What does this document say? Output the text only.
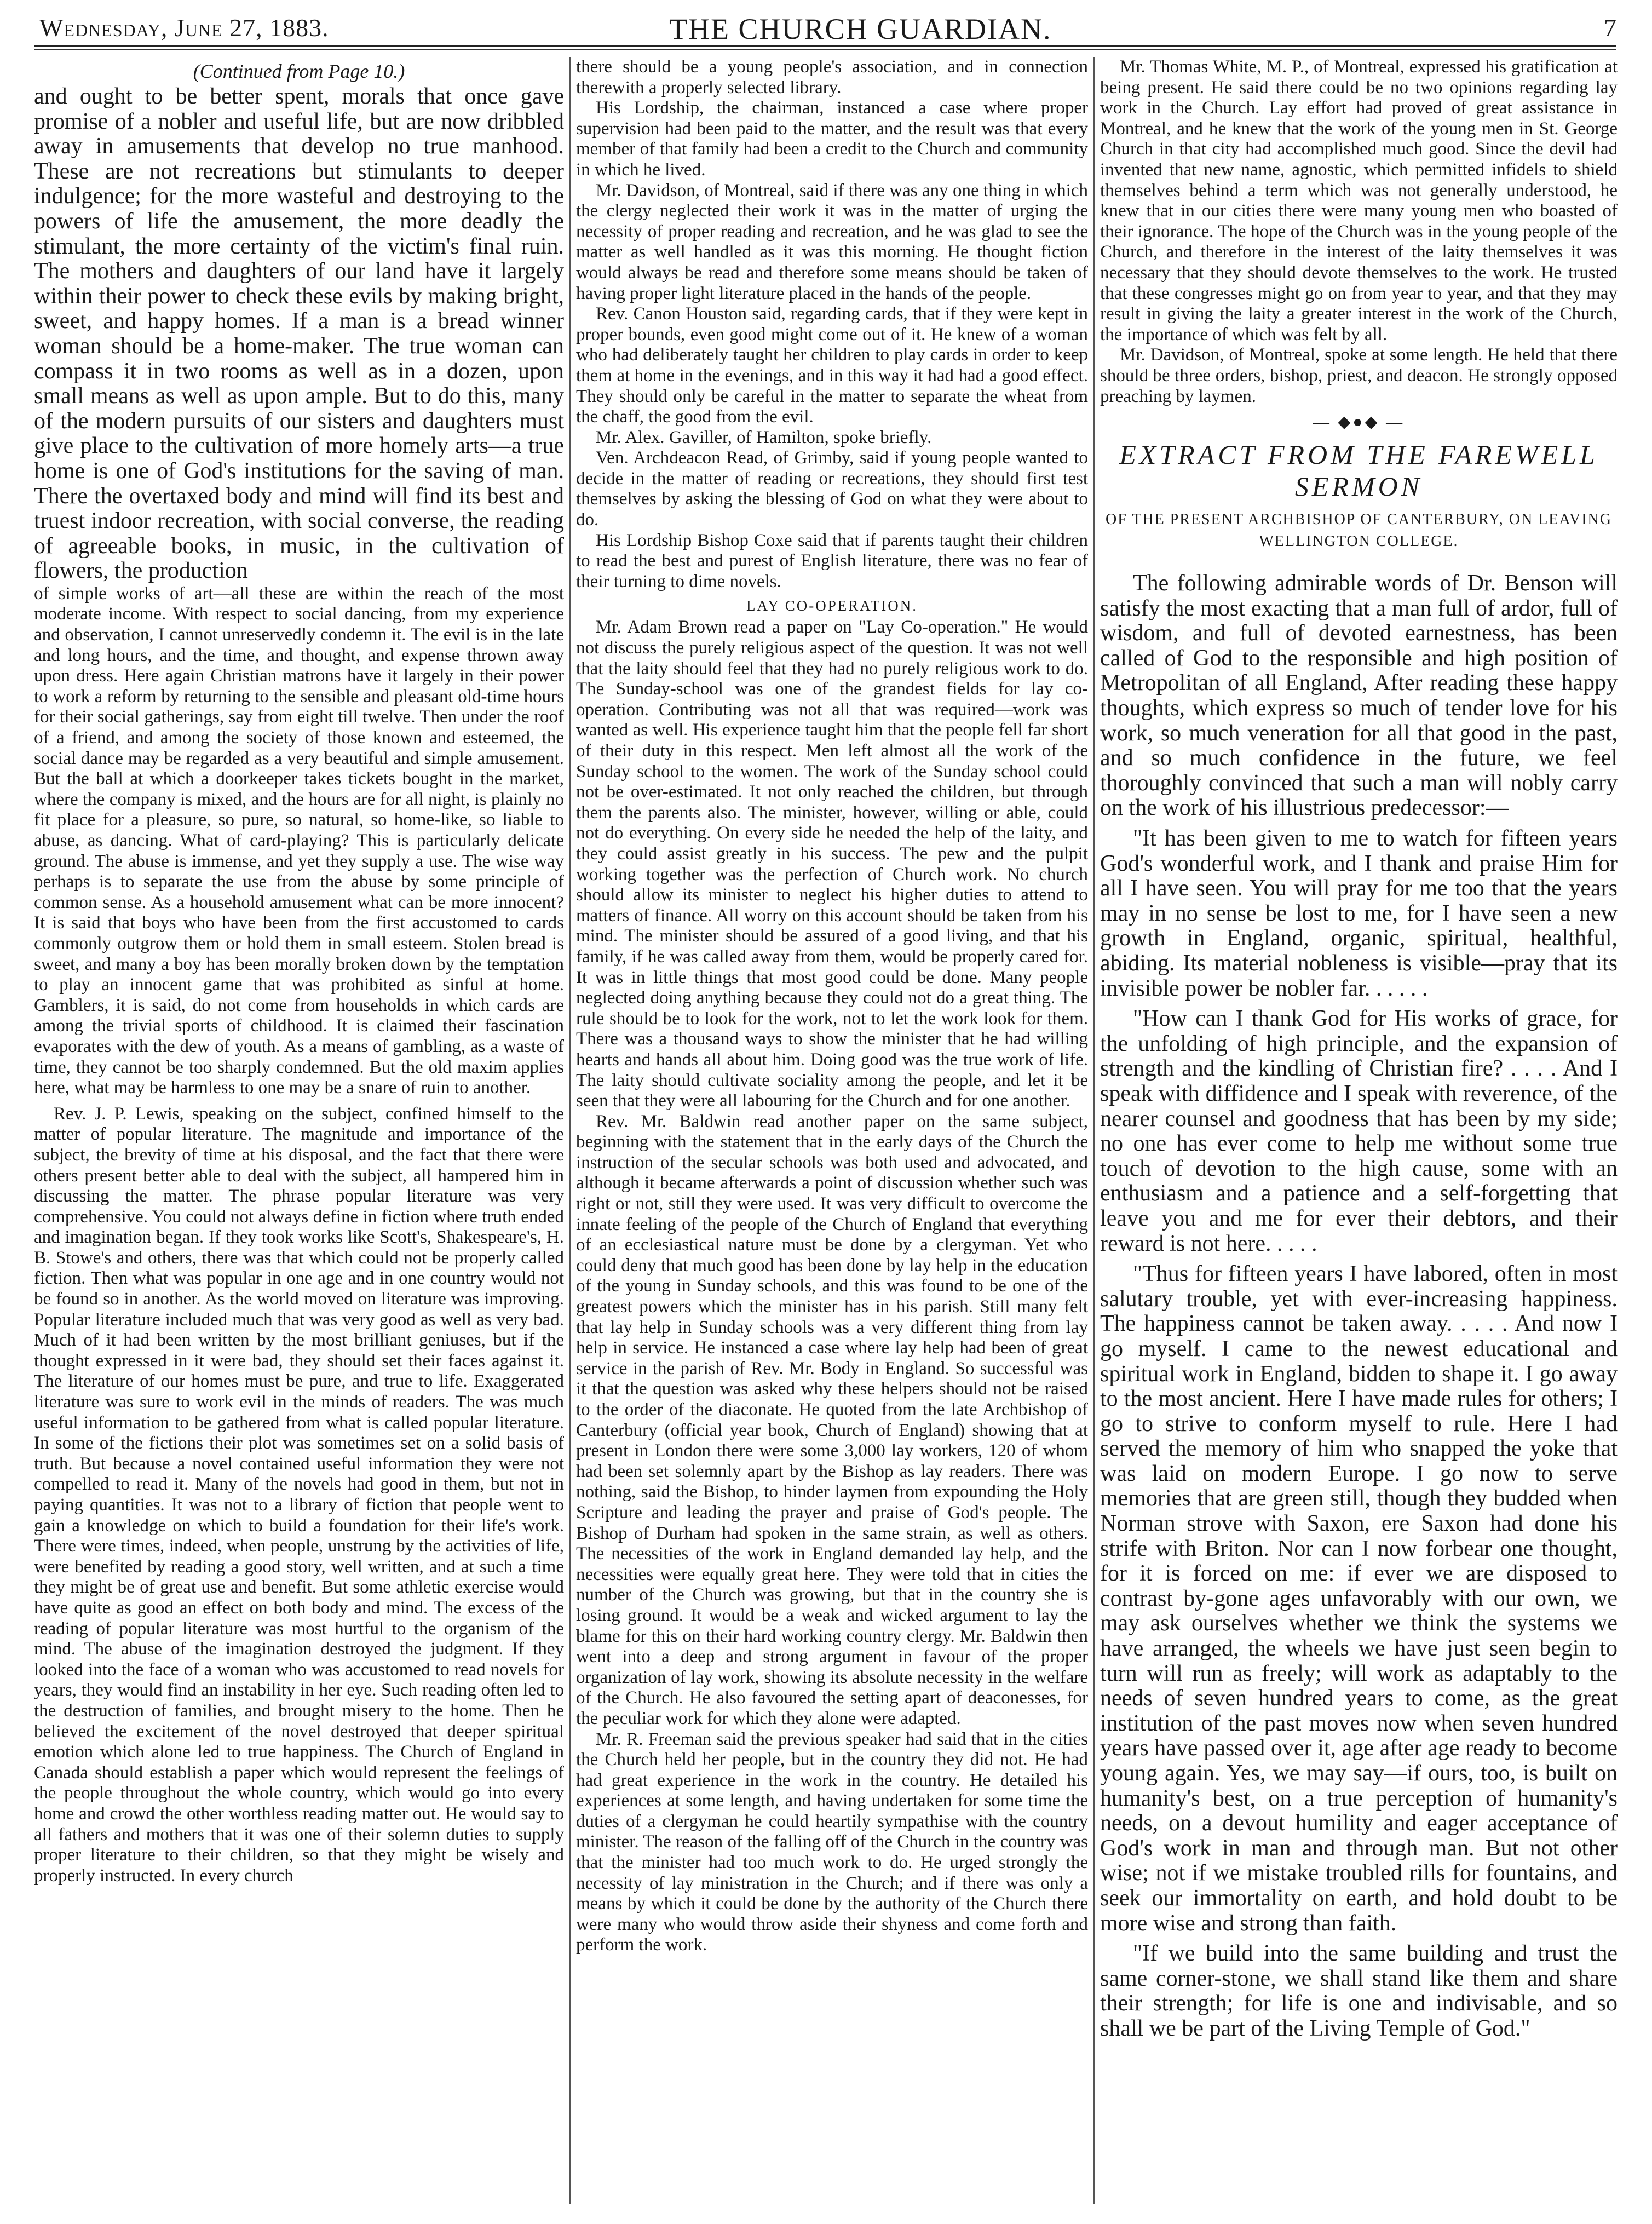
Wednesday, June 27, 1883.	THE CHURCH GUARDIAN.	7

(Continued from Page 10.)

and ought to be better spent, morals that once gave promise of a nobler and useful life, but are now dribbled away in amusements that develop no true manhood. These are not recreations but stimulants to deeper indulgence; for the more wasteful and destroying to the powers of life the amusement, the more deadly the stimulant, the more certainty of the victim's final ruin. The mothers and daughters of our land have it largely within their power to check these evils by making bright, sweet, and happy homes. If a man is a bread winner woman should be a home-maker. The true woman can compass it in two rooms as well as in a dozen, upon small means as well as upon ample. But to do this, many of the modern pursuits of our sisters and daughters must give place to the cultivation of more homely arts—a true home is one of God's institutions for the saving of man. There the overtaxed body and mind will find its best and truest indoor recreation, with social converse, the reading of agreeable books, in music, in the cultivation of flowers, the production

of simple works of art—all these are within the reach of the most moderate income. With respect to social dancing, from my experience and observation, I cannot unreservedly condemn it. The evil is in the late and long hours, and the time, and thought, and expense thrown away upon dress. Here again Christian matrons have it largely in their power to work a reform by returning to the sensible and pleasant old-time hours for their social gatherings, say from eight till twelve. Then under the roof of a friend, and among the society of those known and esteemed, the social dance may be regarded as a very beautiful and simple amusement. But the ball at which a doorkeeper takes tickets bought in the market, where the company is mixed, and the hours are for all night, is plainly no fit place for a pleasure, so pure, so natural, so home-like, so liable to abuse, as dancing. What of card-playing? This is particularly delicate ground. The abuse is immense, and yet they supply a use. The wise way perhaps is to separate the use from the abuse by some principle of common sense. As a household amusement what can be more innocent? It is said that boys who have been from the first accustomed to cards commonly outgrow them or hold them in small esteem. Stolen bread is sweet, and many a boy has been morally broken down by the temptation to play an innocent game that was prohibited as sinful at home. Gamblers, it is said, do not come from households in which cards are among the trivial sports of childhood. It is claimed their fascination evaporates with the dew of youth. As a means of gambling, as a waste of time, they cannot be too sharply condemned. But the old maxim applies here, what may be harmless to one may be a snare of ruin to another.

Rev. J. P. Lewis, speaking on the subject, confined himself to the matter of popular literature. The magnitude and importance of the subject, the brevity of time at his disposal, and the fact that there were others present better able to deal with the subject, all hampered him in discussing the matter. The phrase popular literature was very comprehensive. You could not always define in fiction where truth ended and imagination began. If they took works like Scott's, Shakespeare's, H. B. Stowe's and others, there was that which could not be properly called fiction. Then what was popular in one age and in one country would not be found so in another. As the world moved on literature was improving. Popular literature included much that was very good as well as very bad. Much of it had been written by the most brilliant geniuses, but if the thought expressed in it were bad, they should set their faces against it. The literature of our homes must be pure, and true to life. Exaggerated literature was sure to work evil in the minds of readers. The was much useful information to be gathered from what is called popular literature. In some of the fictions their plot was sometimes set on a solid basis of truth. But because a novel contained useful information they were not compelled to read it. Many of the novels had good in them, but not in paying quantities. It was not to a library of fiction that people went to gain a knowledge on which to build a foundation for their life's work. There were times, indeed, when people, unstrung by the activities of life, were benefited by reading a good story, well written, and at such a time they might be of great use and benefit. But some athletic exercise would have quite as good an effect on both body and mind. The excess of the reading of popular literature was most hurtful to the organism of the mind. The abuse of the imagination destroyed the judgment. If they looked into the face of a woman who was accustomed to read novels for years, they would find an instability in her eye. Such reading often led to the destruction of families, and brought misery to the home. Then he believed the excitement of the novel destroyed that deeper spiritual emotion which alone led to true happiness. The Church of England in Canada should establish a paper which would represent the feelings of the people throughout the whole country, which would go into every home and crowd the other worthless reading matter out. He would say to all fathers and mothers that it was one of their solemn duties to supply proper literature to their children, so that they might be wisely and properly instructed. In every church

there should be a young people's association, and in connection therewith a properly selected library.

His Lordship, the chairman, instanced a case where proper supervision had been paid to the matter, and the result was that every member of that family had been a credit to the Church and community in which he lived.

Mr. Davidson, of Montreal, said if there was any one thing in which the clergy neglected their work it was in the matter of urging the necessity of proper reading and recreation, and he was glad to see the matter as well handled as it was this morning. He thought fiction would always be read and therefore some means should be taken of having proper light literature placed in the hands of the people.

Rev. Canon Houston said, regarding cards, that if they were kept in proper bounds, even good might come out of it. He knew of a woman who had deliberately taught her children to play cards in order to keep them at home in the evenings, and in this way it had had a good effect. They should only be careful in the matter to separate the wheat from the chaff, the good from the evil.

Mr. Alex. Gaviller, of Hamilton, spoke briefly.

Ven. Archdeacon Read, of Grimby, said if young people wanted to decide in the matter of reading or recreations, they should first test themselves by asking the blessing of God on what they were about to do.

His Lordship Bishop Coxe said that if parents taught their children to read the best and purest of English literature, there was no fear of their turning to dime novels.

LAY CO-OPERATION.

Mr. Adam Brown read a paper on "Lay Co-operation." He would not discuss the purely religious aspect of the question. It was not well that the laity should feel that they had no purely religious work to do. The Sunday-school was one of the grandest fields for lay co-operation. Contributing was not all that was required—work was wanted as well. His experience taught him that the people fell far short of their duty in this respect. Men left almost all the work of the Sunday school to the women. The work of the Sunday school could not be over-estimated. It not only reached the children, but through them the parents also. The minister, however, willing or able, could not do everything. On every side he needed the help of the laity, and they could assist greatly in his success. The pew and the pulpit working together was the perfection of Church work. No church should allow its minister to neglect his higher duties to attend to matters of finance. All worry on this account should be taken from his mind. The minister should be assured of a good living, and that his family, if he was called away from them, would be properly cared for. It was in little things that most good could be done. Many people neglected doing anything because they could not do a great thing. The rule should be to look for the work, not to let the work look for them. There was a thousand ways to show the minister that he had willing hearts and hands all about him. Doing good was the true work of life. The laity should cultivate sociality among the people, and let it be seen that they were all labouring for the Church and for one another.

Rev. Mr. Baldwin read another paper on the same subject, beginning with the statement that in the early days of the Church the instruction of the secular schools was both used and advocated, and although it became afterwards a point of discussion whether such was right or not, still they were used. It was very difficult to overcome the innate feeling of the people of the Church of England that everything of an ecclesiastical nature must be done by a clergyman. Yet who could deny that much good has been done by lay help in the education of the young in Sunday schools, and this was found to be one of the greatest powers which the minister has in his parish. Still many felt that lay help in Sunday schools was a very different thing from lay help in service. He instanced a case where lay help had been of great service in the parish of Rev. Mr. Body in England. So successful was it that the question was asked why these helpers should not be raised to the order of the diaconate. He quoted from the late Archbishop of Canterbury (official year book, Church of England) showing that at present in London there were some 3,000 lay workers, 120 of whom had been set solemnly apart by the Bishop as lay readers. There was nothing, said the Bishop, to hinder laymen from expounding the Holy Scripture and leading the prayer and praise of God's people. The Bishop of Durham had spoken in the same strain, as well as others. The necessities of the work in England demanded lay help, and the necessities were equally great here. They were told that in cities the number of the Church was growing, but that in the country she is losing ground. It would be a weak and wicked argument to lay the blame for this on their hard working country clergy. Mr. Baldwin then went into a deep and strong argument in favour of the proper organization of lay work, showing its absolute necessity in the welfare of the Church. He also favoured the setting apart of deaconesses, for the peculiar work for which they alone were adapted.

Mr. R. Freeman said the previous speaker had said that in the cities the Church held her people, but in the country they did not. He had had great experience in the work in the country. He detailed his experiences at some length, and having undertaken for some time the duties of a clergyman he could heartily sympathise with the country minister. The reason of the falling off of the Church in the country was that the minister had too much work to do. He urged strongly the necessity of lay ministration in the Church; and if there was only a means by which it could be done by the authority of the Church there were many who would throw aside their shyness and come forth and perform the work.

Mr. Thomas White, M. P., of Montreal, expressed his gratification at being present. He said there could be no two opinions regarding lay work in the Church. Lay effort had proved of great assistance in Montreal, and he knew that the work of the young men in St. George Church in that city had accomplished much good. Since the devil had invented that new name, agnostic, which permitted infidels to shield themselves behind a term which was not generally understood, he knew that in our cities there were many young men who boasted of their ignorance. The hope of the Church was in the young people of the Church, and therefore in the interest of the laity themselves it was necessary that they should devote themselves to the work. He trusted that these congresses might go on from year to year, and that they may result in giving the laity a greater interest in the work of the Church, the importance of which was felt by all.

Mr. Davidson, of Montreal, spoke at some length. He held that there should be three orders, bishop, priest, and deacon. He strongly opposed preaching by laymen.

— ◆●◆ —

EXTRACT FROM THE FAREWELL SERMON

OF THE PRESENT ARCHBISHOP OF CANTERBURY, ON LEAVING WELLINGTON COLLEGE.

The following admirable words of Dr. Benson will satisfy the most exacting that a man full of ardor, full of wisdom, and full of devoted earnestness, has been called of God to the responsible and high position of Metropolitan of all England, After reading these happy thoughts, which express so much of tender love for his work, so much veneration for all that good in the past, and so much confidence in the future, we feel thoroughly convinced that such a man will nobly carry on the work of his illustrious predecessor:—

"It has been given to me to watch for fifteen years God's wonderful work, and I thank and praise Him for all I have seen. You will pray for me too that the years may in no sense be lost to me, for I have seen a new growth in England, organic, spiritual, healthful, abiding. Its material nobleness is visible—pray that its invisible power be nobler far. . . . . .

"How can I thank God for His works of grace, for the unfolding of high principle, and the expansion of strength and the kindling of Christian fire? . . . . And I speak with diffidence and I speak with reverence, of the nearer counsel and goodness that has been by my side; no one has ever come to help me without some true touch of devotion to the high cause, some with an enthusiasm and a patience and a self-forgetting that leave you and me for ever their debtors, and their reward is not here. . . . .

"Thus for fifteen years I have labored, often in most salutary trouble, yet with ever-increasing happiness. The happiness cannot be taken away. . . . . And now I go myself. I came to the newest educational and spiritual work in England, bidden to shape it. I go away to the most ancient. Here I have made rules for others; I go to strive to conform myself to rule. Here I had served the memory of him who snapped the yoke that was laid on modern Europe. I go now to serve memories that are green still, though they budded when Norman strove with Saxon, ere Saxon had done his strife with Briton. Nor can I now forbear one thought, for it is forced on me: if ever we are disposed to contrast by-gone ages unfavorably with our own, we may ask ourselves whether we think the systems we have arranged, the wheels we have just seen begin to turn will run as freely; will work as adaptably to the needs of seven hundred years to come, as the great institution of the past moves now when seven hundred years have passed over it, age after age ready to become young again. Yes, we may say—if ours, too, is built on humanity's best, on a true perception of humanity's needs, on a devout humility and eager acceptance of God's work in man and through man. But not other wise; not if we mistake troubled rills for fountains, and seek our immortality on earth, and hold doubt to be more wise and strong than faith.

"If we build into the same building and trust the same corner-stone, we shall stand like them and share their strength; for life is one and indivisable, and so shall we be part of the Living Temple of God."
